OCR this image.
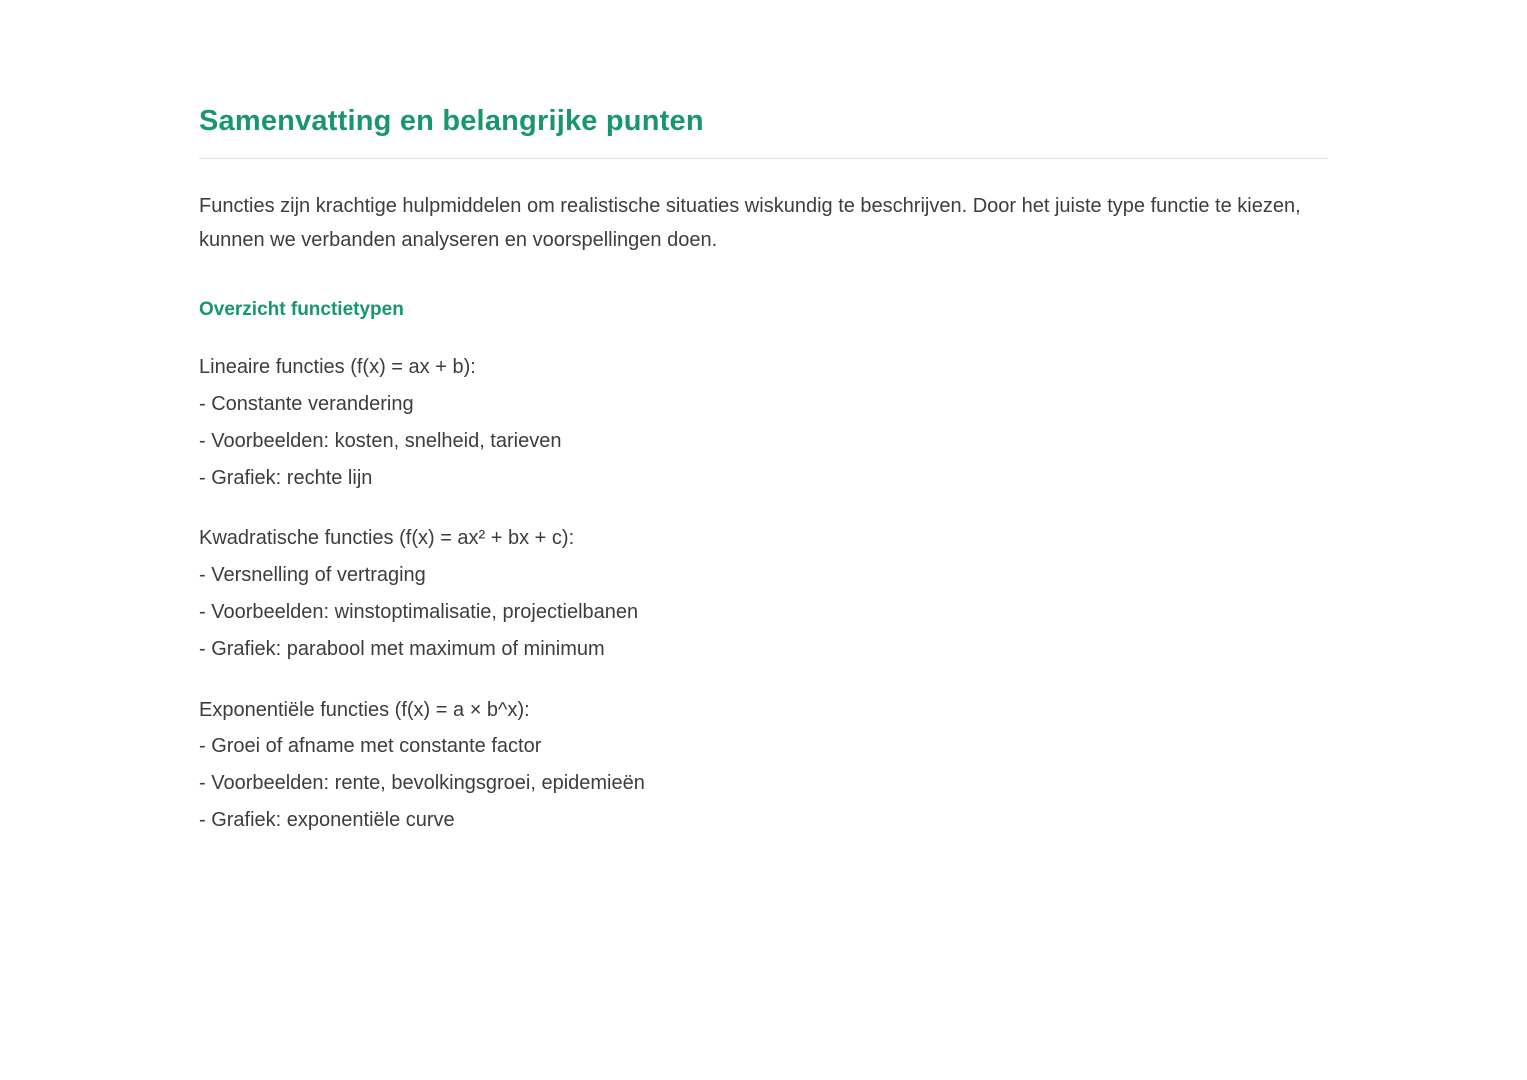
Samenvatting en belangrijke punten

Functies zijn krachtige hulpmiddelen om realistische situaties wiskundig te beschrijven. Door het juiste type functie te kiezen, kunnen we verbanden analyseren en voorspellingen doen.

Overzicht functietypen
Lineaire functies (f(x) = ax + b):
- Constante verandering
- Voorbeelden: kosten, snelheid, tarieven
- Grafiek: rechte lijn
Kwadratische functies (f(x) = ax² + bx + c):
- Versnelling of vertraging
- Voorbeelden: winstoptimalisatie, projectielbanen
- Grafiek: parabool met maximum of minimum
Exponentiële functies (f(x) = a × b^x):
- Groei of afname met constante factor
- Voorbeelden: rente, bevolkingsgroei, epidemieën
- Grafiek: exponentiële curve
